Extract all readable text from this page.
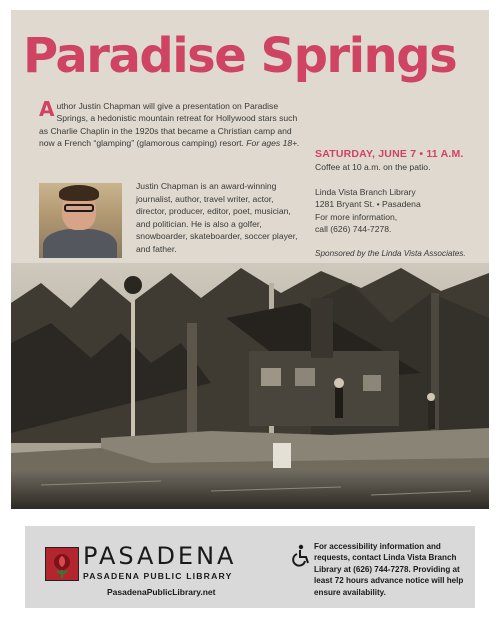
Paradise Springs

Author Justin Chapman will give a presentation on Paradise Springs, a hedonistic mountain retreat for Hollywood stars such as Charlie Chaplin in the 1920s that became a Christian camp and now a French “glamping” (glamorous camping) resort. For ages 18+.

Justin Chapman is an award-winning journalist, author, travel writer, actor, director, producer, editor, poet, musician, and politician. He is also a golfer, snowboarder, skateboarder, soccer player, and father.

SATURDAY, JUNE 7 • 11 A.M.

Coffee at 10 a.m. on the patio.

Linda Vista Branch Library
1281 Bryant St. • Pasadena
For more information,
call (626) 744-7278.

Sponsored by the Linda Vista Associates.

PASADENA

PASADENA PUBLIC LIBRARY

PasadenaPublicLibrary.net

For accessibility information and requests, contact Linda Vista Branch Library at (626) 744-7278. Providing at least 72 hours advance notice will help ensure availability.
